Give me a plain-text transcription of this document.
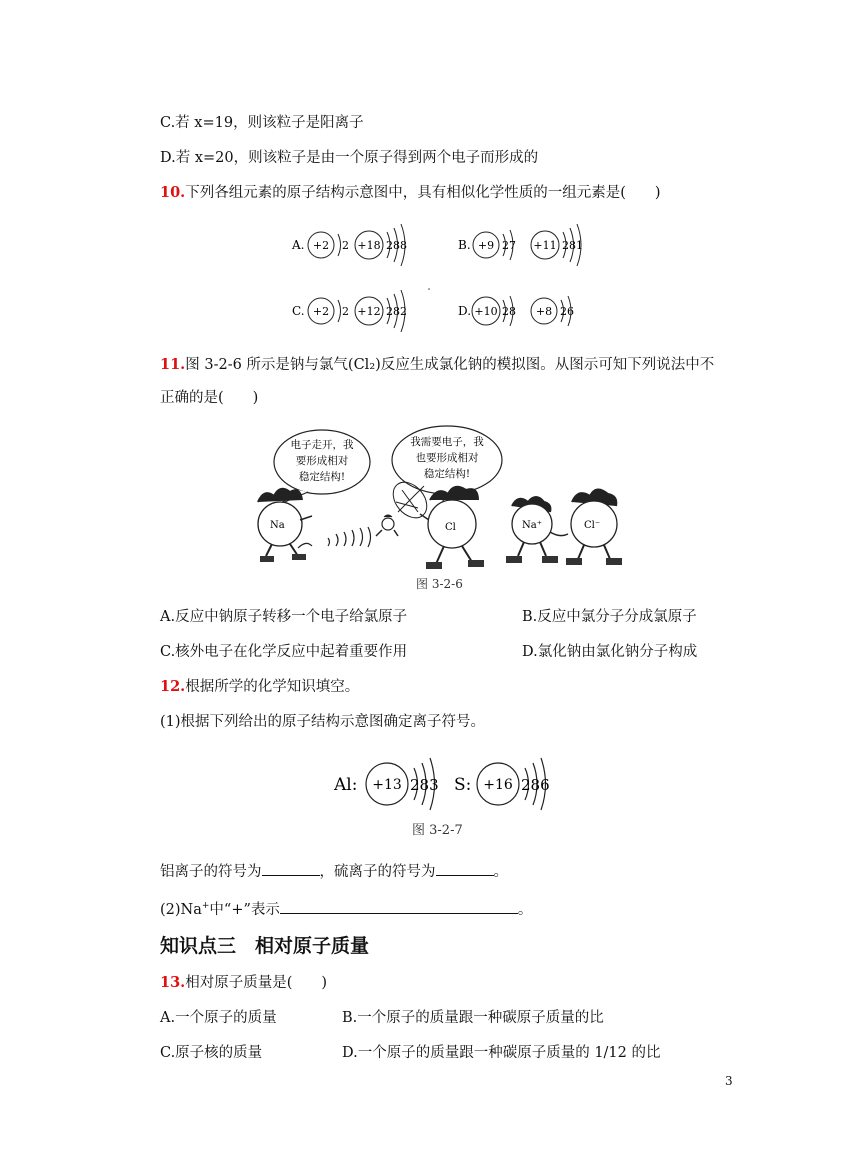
C.若 x=19，则该粒子是阳离子
D.若 x=20，则该粒子是由一个原子得到两个电子而形成的
10.下列各组元素的原子结构示意图中，具有相似化学性质的一组元素是(　　)
A. +2 2 +18 288	B. +9 27 +11 281
C. +2 2 +12 282	D. +10 28 +8 26
11.图 3-2-6 所示是钠与氯气(Cl₂)反应生成氯化钠的模拟图。从图示可知下列说法中不
正确的是(　　)
电子走开，我
要形成相对
稳定结构!
我需要电子，我
也要形成相对
稳定结构!
Na	Cl	Na⁺	Cl⁻
图 3-2-6
A.反应中钠原子转移一个电子给氯原子	B.反应中氯分子分成氯原子
C.核外电子在化学反应中起着重要作用	D.氯化钠由氯化钠分子构成
12.根据所学的化学知识填空。
(1)根据下列给出的原子结构示意图确定离子符号。
Al: +13 283 S: +16 286
图 3-2-7
铝离子的符号为	，硫离子的符号为	。
(2)Na+中“+”表示	。
知识点三　相对原子质量
13.相对原子质量是(　　)
A.一个原子的质量	B.一个原子的质量跟一种碳原子质量的比
C.原子核的质量	D.一个原子的质量跟一种碳原子质量的 1/12 的比
3
